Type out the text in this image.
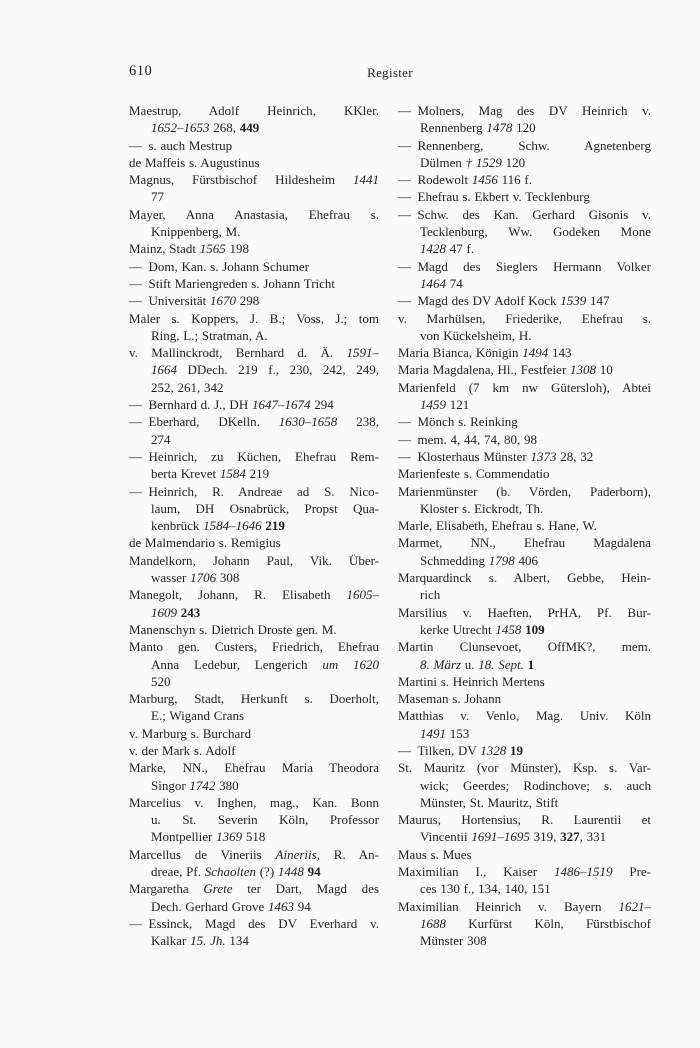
610	Register
Maestrup, Adolf Heinrich, KKler.
1652–1653 268, 449
— s. auch Mestrup
de Maffeis s. Augustinus
Magnus, Fürstbischof Hildesheim 1441
77
Mayer, Anna Anastasia, Ehefrau s.
Knippenberg, M.
Mainz, Stadt 1565 198
— Dom, Kan. s. Johann Schumer
— Stift Mariengreden s. Johann Tricht
— Universität 1670 298
Maler s. Koppers, J. B.; Voss, J.; tom
Ring, L.; Stratman, A.
v. Mallinckrodt, Bernhard d. Ä. 1591–
1664 DDech. 219 f., 230, 242, 249,
252, 261, 342
— Bernhard d. J., DH 1647–1674 294
— Eberhard, DKelln. 1630–1658 238,
274
— Heinrich, zu Küchen, Ehefrau Rem-
berta Krevet 1584 219
— Heinrich, R. Andreae ad S. Nico-
laum, DH Osnabrück, Propst Qua-
kenbrück 1584–1646 219
de Malmendario s. Remigius
Mandelkorn, Johann Paul, Vik. Über-
wasser 1706 308
Manegolt, Johann, R. Elisabeth 1605–
1609 243
Manenschyn s. Dietrich Droste gen. M.
Manto gen. Custers, Friedrich, Ehefrau
Anna Ledebur, Lengerich um 1620
520
Marburg, Stadt, Herkunft s. Doerholt,
E.; Wigand Crans
v. Marburg s. Burchard
v. der Mark s. Adolf
Marke, NN., Ehefrau Maria Theodora
Singor 1742 380
Marcelius v. Inghen, mag., Kan. Bonn
u. St. Severin Köln, Professor
Montpellier 1369 518
Marcellus de Vineriis Aineriis, R. An-
dreae, Pf. Schaolten (?) 1448 94
Margaretha Grete ter Dart, Magd des
Dech. Gerhard Grove 1463 94
— Essinck, Magd des DV Everhard v.
Kalkar 15. Jh. 134
— Molners, Mag des DV Heinrich v.
Rennenberg 1478 120
— Rennenberg, Schw. Agnetenberg
Dülmen † 1529 120
— Rodewolt 1456 116 f.
— Ehefrau s. Ekbert v. Tecklenburg
— Schw. des Kan. Gerhard Gisonis v.
Tecklenburg, Ww. Godeken Mone
1428 47 f.
— Magd des Sieglers Hermann Volker
1464 74
— Magd des DV Adolf Kock 1539 147
v. Marhülsen, Friederike, Ehefrau s.
von Kückelsheim, H.
Maria Bianca, Königin 1494 143
Maria Magdalena, Hl., Festfeier 1308 10
Marienfeld (7 km nw Gütersloh), Abtei
1459 121
— Mönch s. Reinking
— mem. 4, 44, 74, 80, 98
— Klosterhaus Münster 1373 28, 32
Marienfeste s. Commendatio
Marienmünster (b. Vörden, Paderborn),
Kloster s. Eickrodt, Th.
Marle, Elisabeth, Ehefrau s. Hane, W.
Marmet, NN., Ehefrau Magdalena
Schmedding 1798 406
Marquardinck s. Albert, Gebbe, Hein-
rich
Marsilius v. Haeften, PrHA, Pf. Bur-
kerke Utrecht 1458 109
Martin Clunsevoet, OffMK?, mem.
8. März u. 18. Sept. 1
Martini s. Heinrich Mertens
Maseman s. Johann
Matthias v. Venlo, Mag. Univ. Köln
1491 153
— Tilken, DV 1328 19
St. Mauritz (vor Münster), Ksp. s. Var-
wick; Geerdes; Rodinchove; s. auch
Münster, St. Mauritz, Stift
Maurus, Hortensius, R. Laurentii et
Vincentii 1691–1695 319, 327, 331
Maus s. Mues
Maximilian I., Kaiser 1486–1519 Pre-
ces 130 f., 134, 140, 151
Maximilian Heinrich v. Bayern 1621–
1688 Kurfürst Köln, Fürstbischof
Münster 308
